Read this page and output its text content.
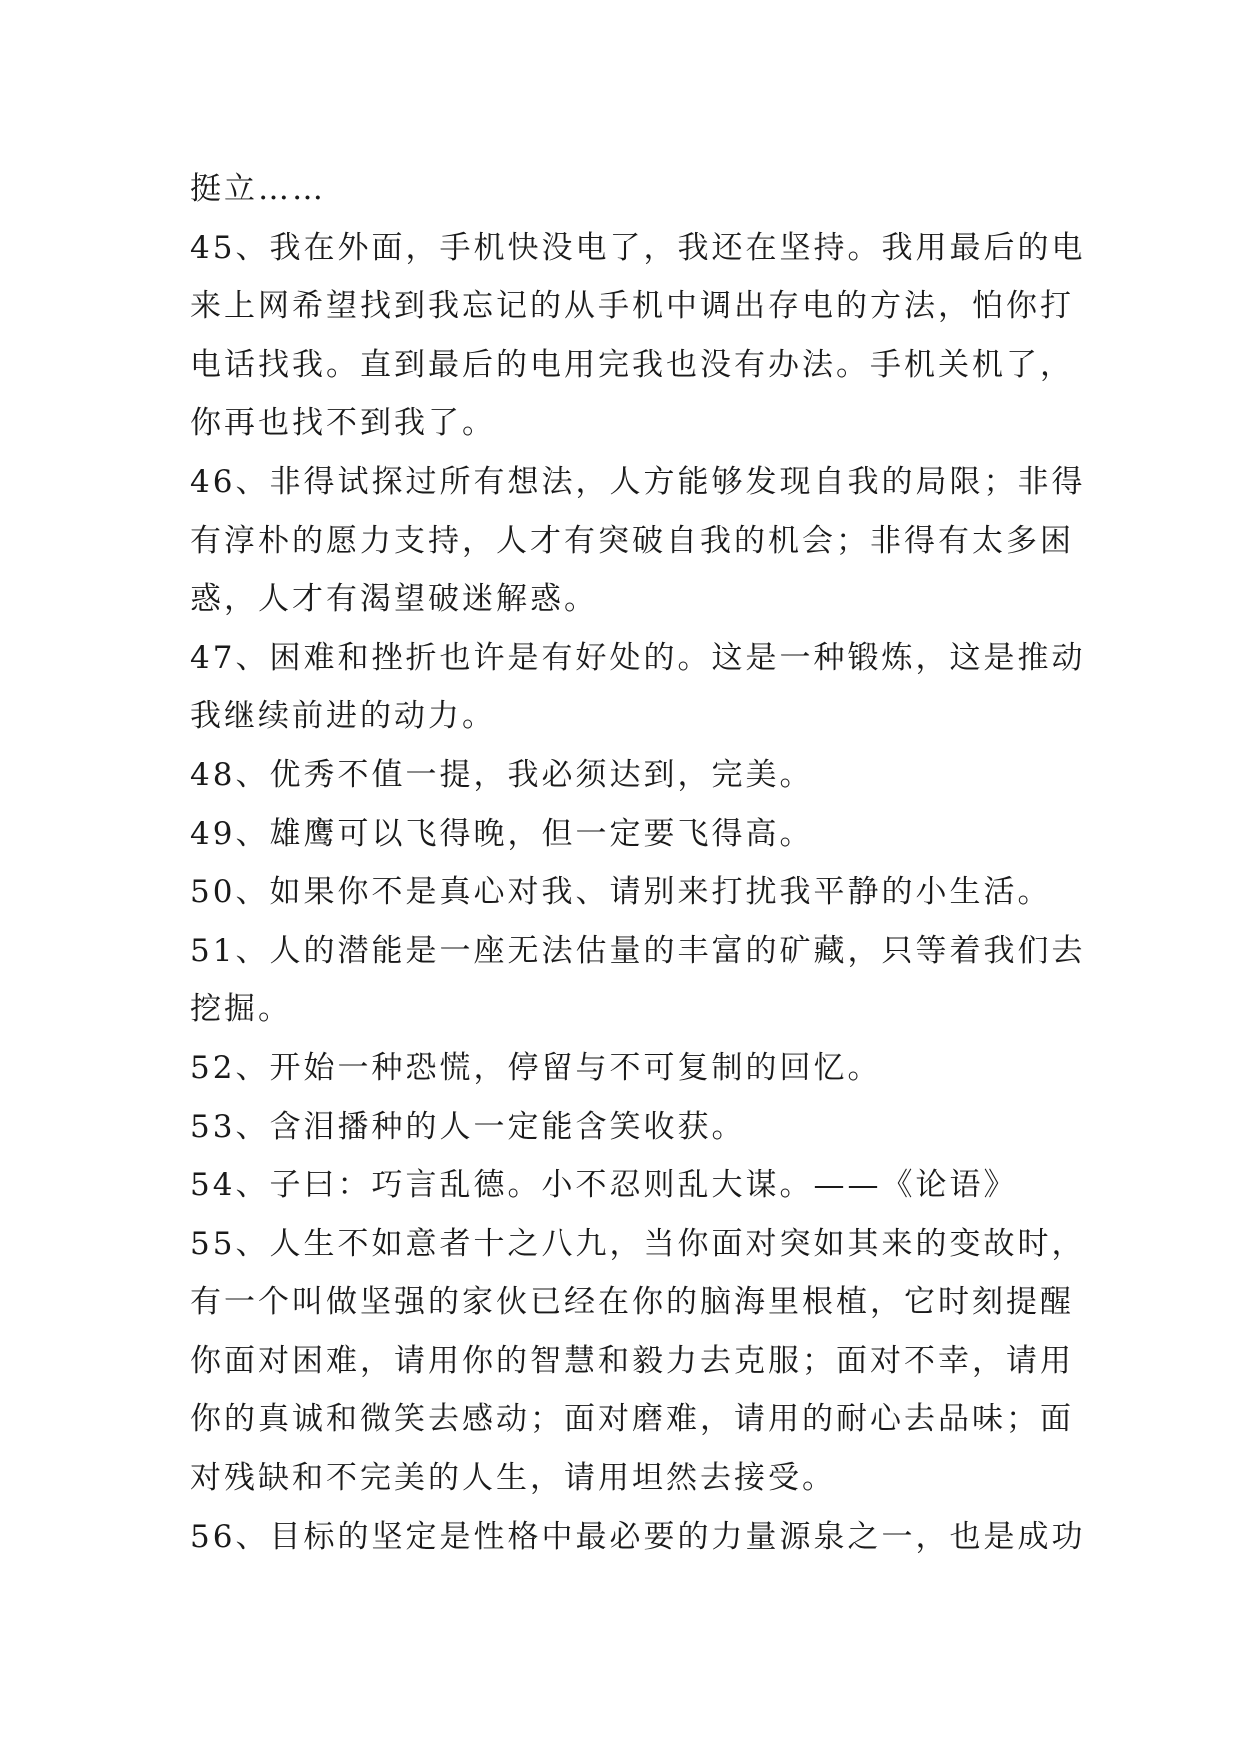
挺立……
45、我在外面，手机快没电了，我还在坚持。我用最后的电
来上网希望找到我忘记的从手机中调出存电的方法，怕你打
电话找我。直到最后的电用完我也没有办法。手机关机了，
你再也找不到我了。
46、非得试探过所有想法，人方能够发现自我的局限；非得
有淳朴的愿力支持，人才有突破自我的机会；非得有太多困
惑，人才有渴望破迷解惑。
47、困难和挫折也许是有好处的。这是一种锻炼，这是推动
我继续前进的动力。
48、优秀不值一提，我必须达到，完美。
49、雄鹰可以飞得晚，但一定要飞得高。
50、如果你不是真心对我、请别来打扰我平静的小生活。
51、人的潜能是一座无法估量的丰富的矿藏，只等着我们去
挖掘。
52、开始一种恐慌，停留与不可复制的回忆。
53、含泪播种的人一定能含笑收获。
54、子曰：巧言乱德。小不忍则乱大谋。——《论语》
55、人生不如意者十之八九，当你面对突如其来的变故时，
有一个叫做坚强的家伙已经在你的脑海里根植，它时刻提醒
你面对困难，请用你的智慧和毅力去克服；面对不幸，请用
你的真诚和微笑去感动；面对磨难，请用的耐心去品味；面
对残缺和不完美的人生，请用坦然去接受。
56、目标的坚定是性格中最必要的力量源泉之一，也是成功
